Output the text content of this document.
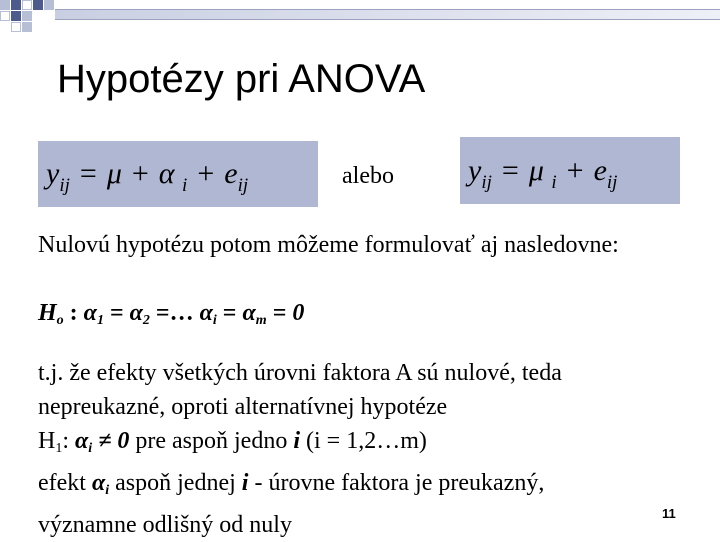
Hypotézy pri ANOVA
$y_{ij} = \mu + \alpha$ $_i + e_{ij}$	alebo $y_{ij} = \mu$ $_i + e_{ij}$
Nulovú hypotézu potom môžeme formulovať aj nasledovne:
$H_o$ : $\alpha_1 = \alpha_2$ =… $\alpha_i = \alpha_m = 0$
t.j. že efekty všetkých úrovni faktora A sú nulové, teda
nepreukazné, oproti alternatívnej hypotéze
$H_1$: $\alpha_i \ne 0$ pre aspoň jedno i (i = 1,2…m)
efekt $\alpha_i$ aspoň jednej i - úrovne faktora je preukazný,
významne odlišný od nuly	11
